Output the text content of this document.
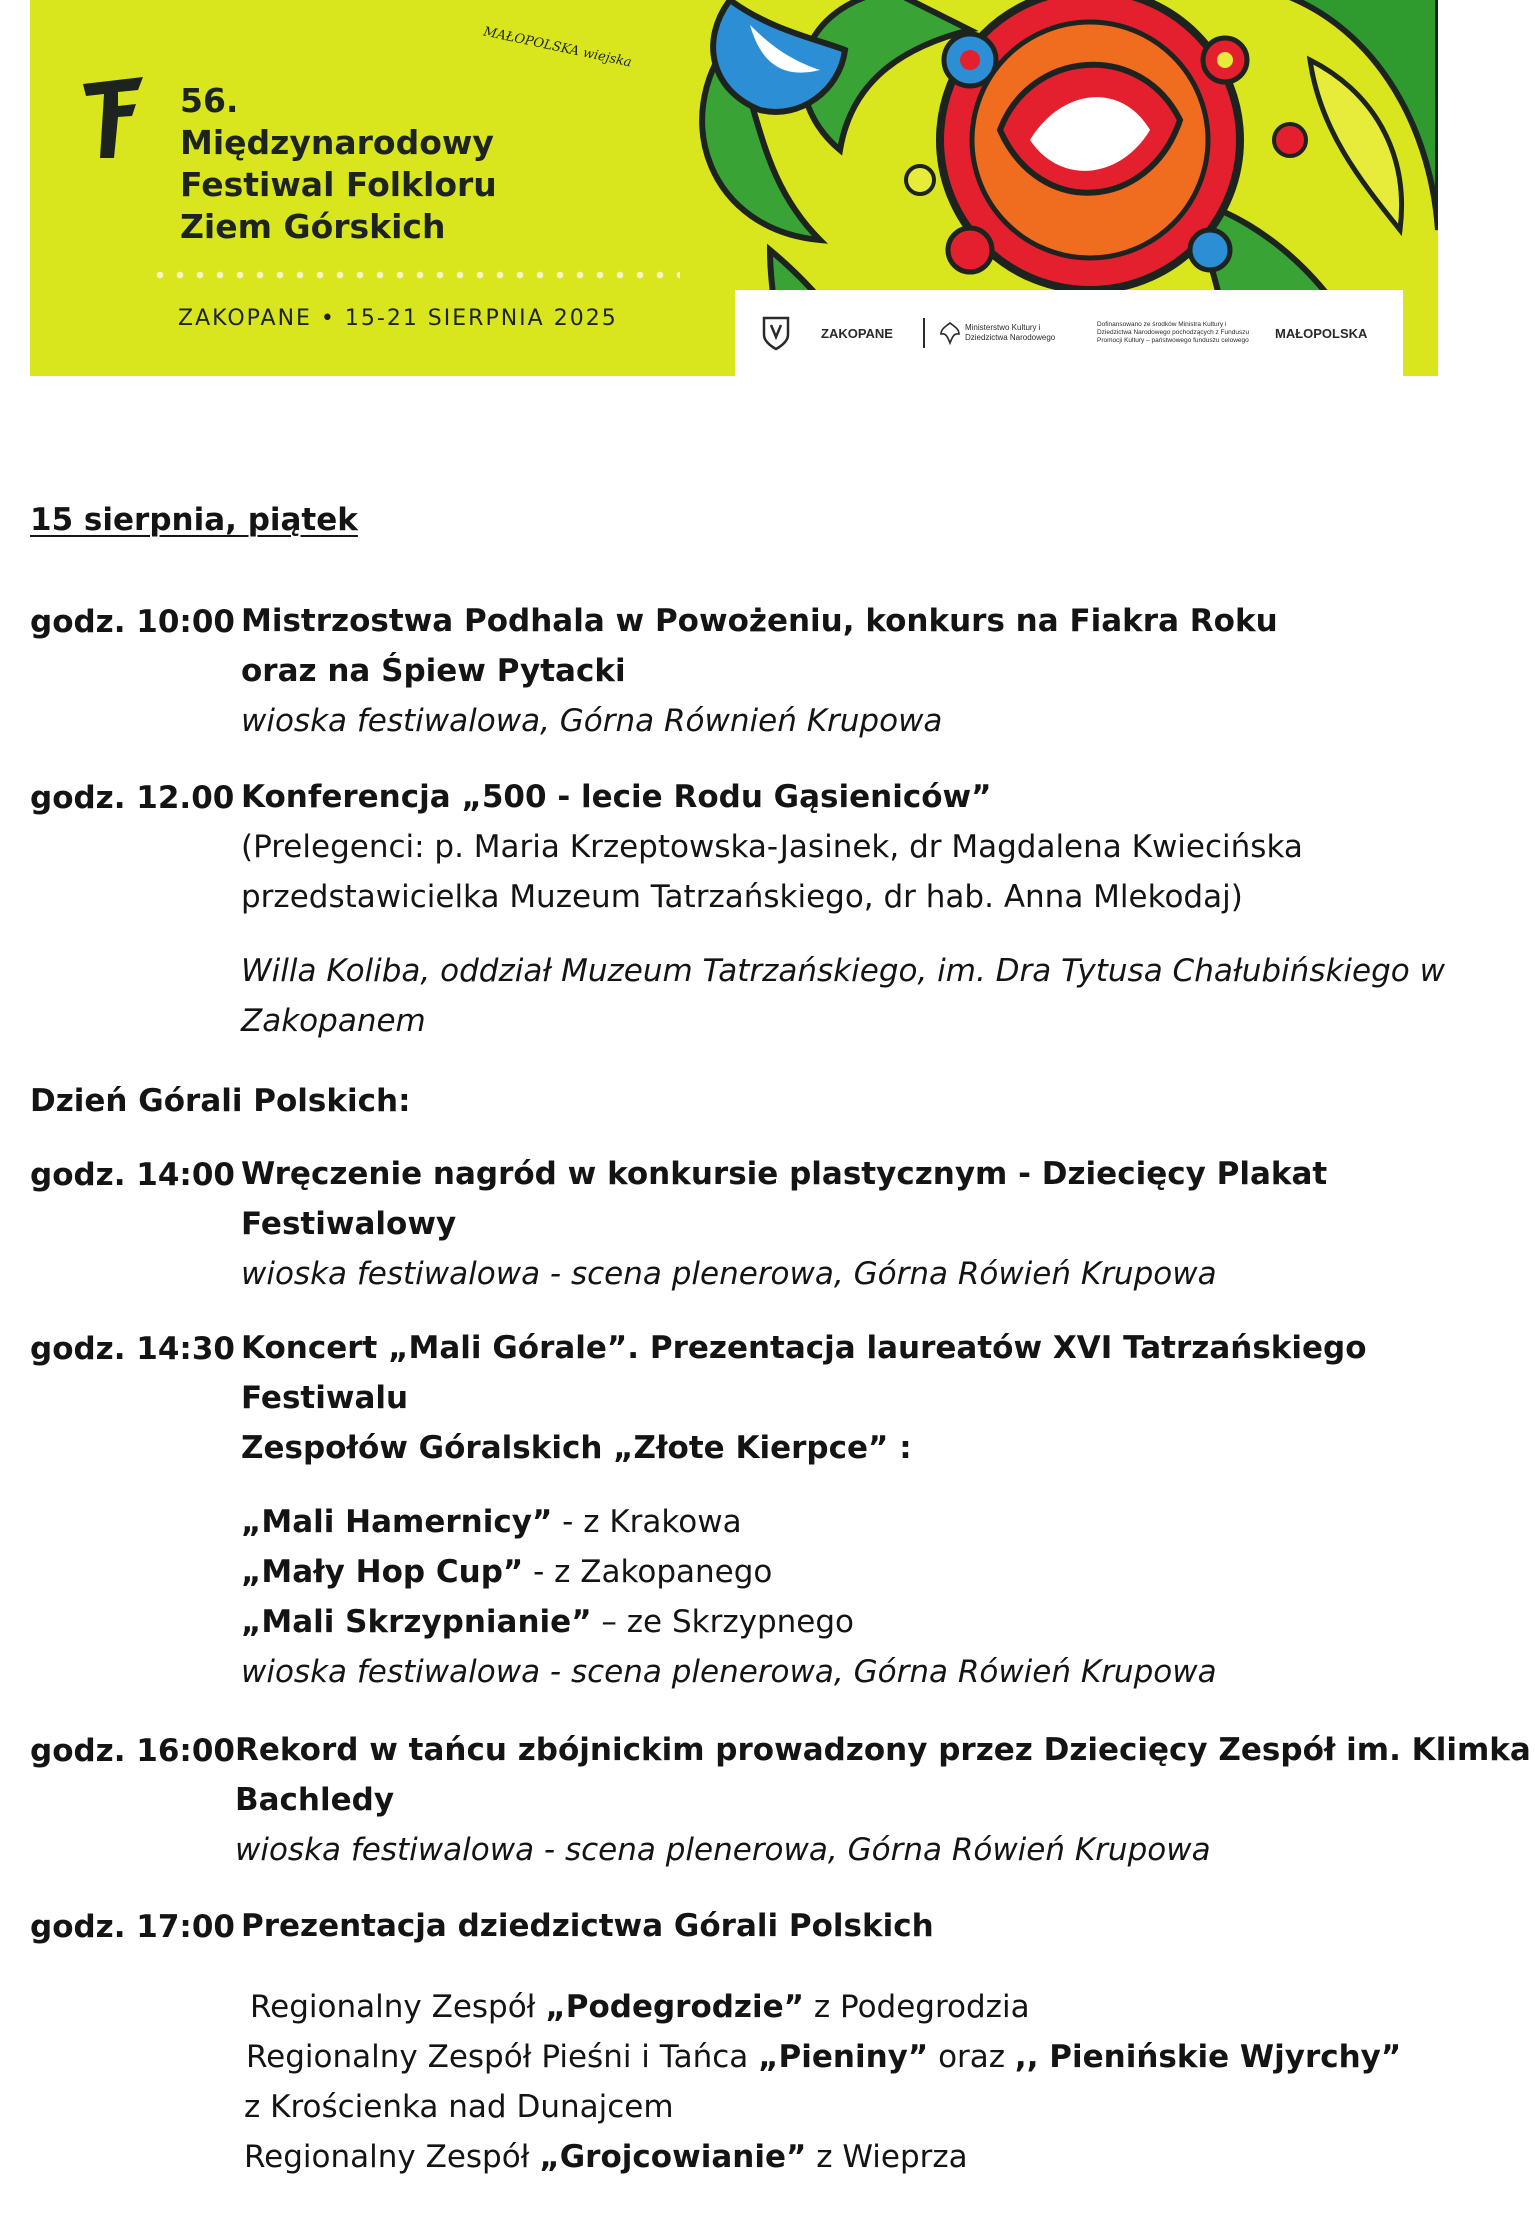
56.
Międzynarodowy
Festiwal Folkloru
Ziem Górskich
MAŁOPOLSKA wiejska
ZAKOPANE • 15-21 SIERPNIA 2025
ZAKOPANE	Ministerstwo Kultury i Dziedzictwa Narodowego
Dofinansowano ze środków Ministra Kultury i Dziedzictwa Narodowego pochodzących z Funduszu Promocji Kultury – państwowego funduszu celowego	MAŁOPOLSKA
15 sierpnia, piątek
godz. 10:00 Mistrzostwa Podhala w Powożeniu, konkurs na Fiakra Roku
oraz na Śpiew Pytacki
wioska festiwalowa, Górna Równień Krupowa
godz. 12.00 Konferencja „500 - lecie Rodu Gąsieniców”
(Prelegenci: p. Maria Krzeptowska-Jasinek, dr Magdalena Kwiecińska
przedstawicielka Muzeum Tatrzańskiego, dr hab. Anna Mlekodaj)
Willa Koliba, oddział Muzeum Tatrzańskiego, im. Dra Tytusa Chałubińskiego w
Zakopanem
Dzień Górali Polskich:
godz. 14:00 Wręczenie nagród w konkursie plastycznym - Dziecięcy Plakat
Festiwalowy
wioska festiwalowa - scena plenerowa, Górna Rówień Krupowa
godz. 14:30 Koncert „Mali Górale”. Prezentacja laureatów XVI Tatrzańskiego
Festiwalu
Zespołów Góralskich „Złote Kierpce” :
„Mali Hamernicy” - z Krakowa
„Mały Hop Cup” - z Zakopanego
„Mali Skrzypnianie” – ze Skrzypnego
wioska festiwalowa - scena plenerowa, Górna Rówień Krupowa
godz. 16:00 Rekord w tańcu zbójnickim prowadzony przez Dziecięcy Zespół im. Klimka
Bachledy
wioska festiwalowa - scena plenerowa, Górna Rówień Krupowa
godz. 17:00 Prezentacja dziedzictwa Górali Polskich
Regionalny Zespół „Podegrodzie” z Podegrodzia
Regionalny Zespół Pieśni i Tańca „Pieniny” oraz ,, Pienińskie Wjyrchy”
z Krościenka nad Dunajcem
Regionalny Zespół „Grojcowianie” z Wieprza
